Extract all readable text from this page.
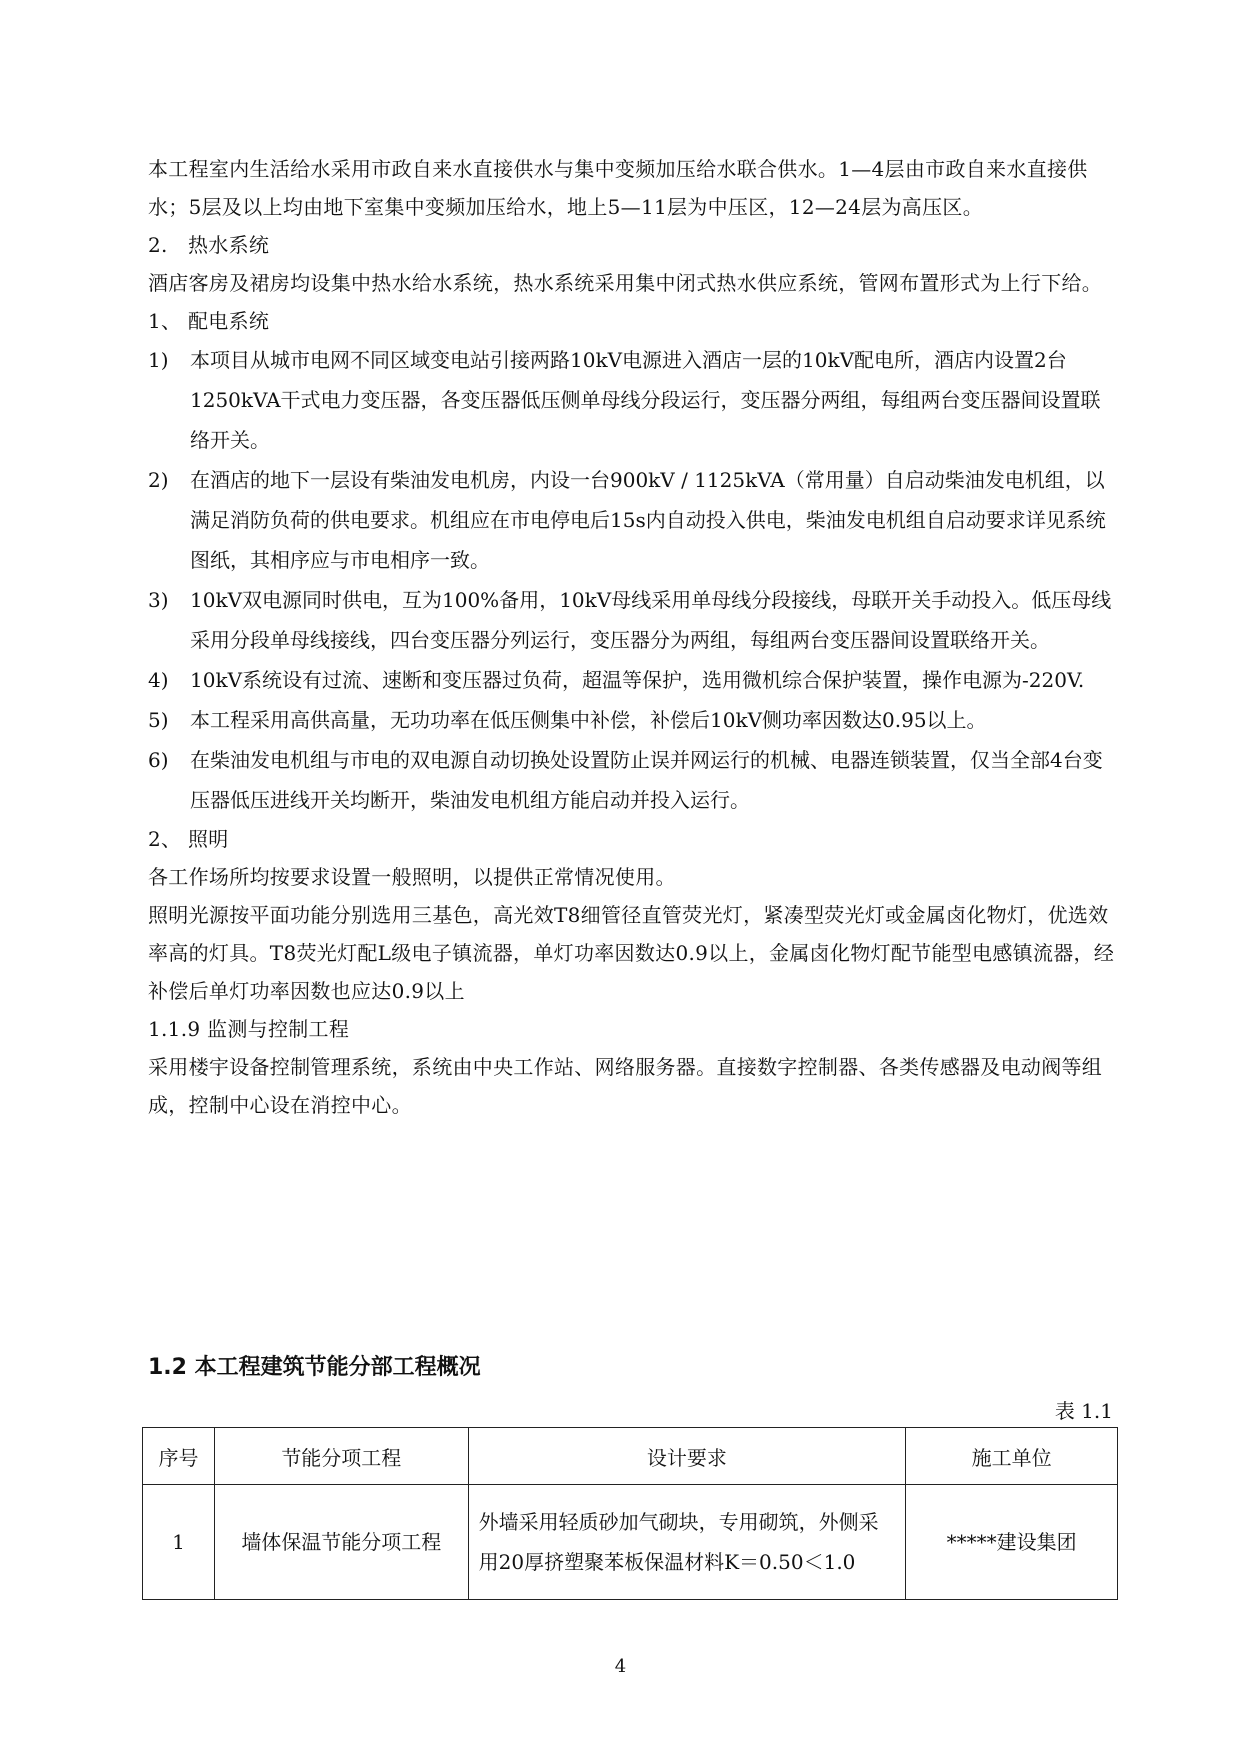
本工程室内生活给水采用市政自来水直接供水与集中变频加压给水联合供水。1—4层由市政自来水直接供水；5层及以上均由地下室集中变频加压给水，地上5—11层为中压区，12—24层为高压区。

2.　热水系统

酒店客房及裙房均设集中热水给水系统，热水系统采用集中闭式热水供应系统，管网布置形式为上行下给。

1、 配电系统

1)	本项目从城市电网不同区域变电站引接两路10kV电源进入酒店一层的10kV配电所，酒店内设置2台1250kVA干式电力变压器，各变压器低压侧单母线分段运行，变压器分两组，每组两台变压器间设置联络开关。
2)	在酒店的地下一层设有柴油发电机房，内设一台900kV / 1125kVA（常用量）自启动柴油发电机组，以满足消防负荷的供电要求。机组应在市电停电后15s内自动投入供电，柴油发电机组自启动要求详见系统图纸，其相序应与市电相序一致。
3)	10kV双电源同时供电，互为100%备用，10kV母线采用单母线分段接线，母联开关手动投入。低压母线采用分段单母线接线，四台变压器分列运行，变压器分为两组，每组两台变压器间设置联络开关。
4)	10kV系统设有过流、速断和变压器过负荷，超温等保护，选用微机综合保护装置，操作电源为-220V.
5)	本工程采用高供高量，无功功率在低压侧集中补偿，补偿后10kV侧功率因数达0.95以上。
6)	在柴油发电机组与市电的双电源自动切换处设置防止误并网运行的机械、电器连锁装置，仅当全部4台变压器低压进线开关均断开，柴油发电机组方能启动并投入运行。

2、 照明

各工作场所均按要求设置一般照明，以提供正常情况使用。

照明光源按平面功能分别选用三基色，高光效T8细管径直管荧光灯，紧凑型荧光灯或金属卤化物灯，优选效率高的灯具。T8荧光灯配L级电子镇流器，单灯功率因数达0.9以上，金属卤化物灯配节能型电感镇流器，经补偿后单灯功率因数也应达0.9以上

1.1.9 监测与控制工程

采用楼宇设备控制管理系统，系统由中央工作站、网络服务器。直接数字控制器、各类传感器及电动阀等组成，控制中心设在消控中心。

1.2 本工程建筑节能分部工程概况
表 1.1
序号	节能分项工程	设计要求	施工单位
1	墙体保温节能分项工程	外墙采用轻质砂加气砌块，专用砌筑，外侧采用20厚挤塑聚苯板保温材料K＝0.50＜1.0	*****建设集团
4
